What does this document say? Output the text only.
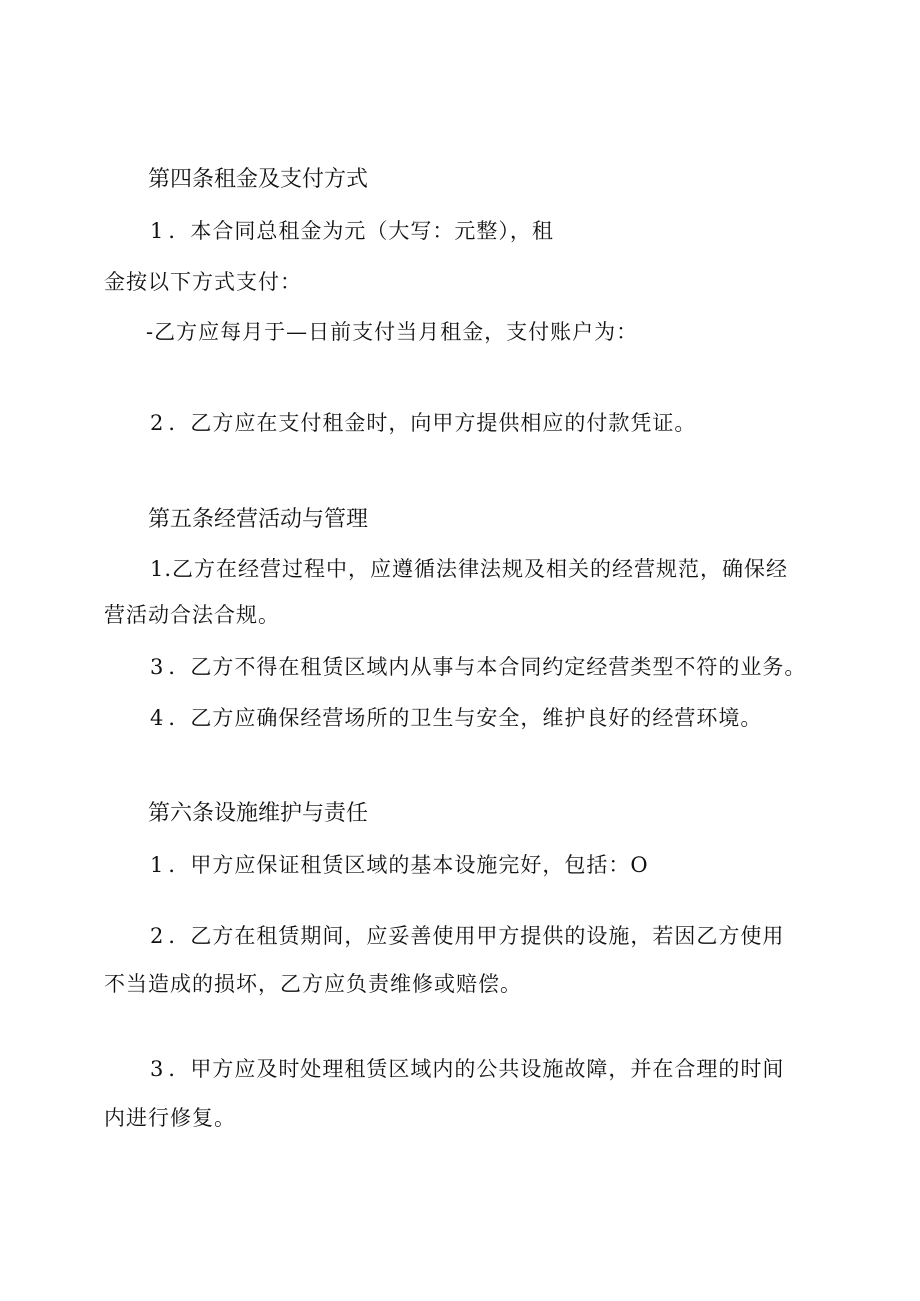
第四条租金及支付方式
1 ．本合同总租金为元（大写：元整），租
金按以下方式支付：
-乙方应每月于—日前支付当月租金，支付账户为：
2 ．乙方应在支付租金时，向甲方提供相应的付款凭证。
第五条经营活动与管理
1.乙方在经营过程中，应遵循法律法规及相关的经营规范，确保经
营活动合法合规。
3 ．乙方不得在租赁区域内从事与本合同约定经营类型不符的业务。
4 ．乙方应确保经营场所的卫生与安全，维护良好的经营环境。
第六条设施维护与责任
1 ．甲方应保证租赁区域的基本设施完好，包括：O
2 ．乙方在租赁期间，应妥善使用甲方提供的设施，若因乙方使用
不当造成的损坏，乙方应负责维修或赔偿。
3 ．甲方应及时处理租赁区域内的公共设施故障，并在合理的时间
内进行修复。
